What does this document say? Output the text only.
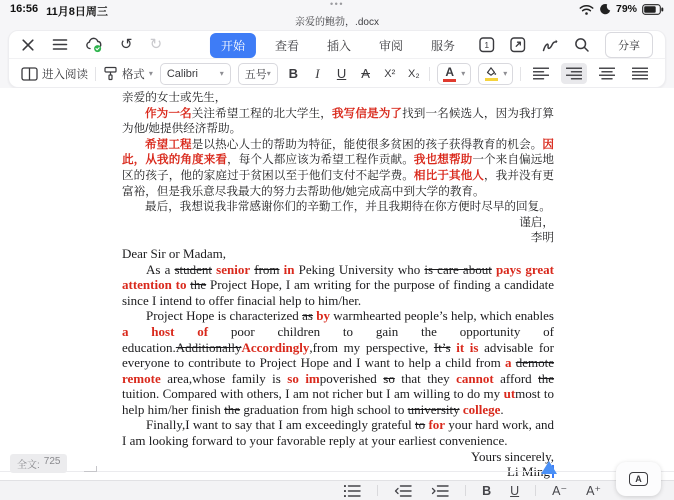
16:56 11月8日周三
•••
亲爱的鲍勃，.docx
79%
↺ ↻	开始	查看	插入	审阅	服务	1	分享
进入阅读	格式 ▾ Calibri	▾ 五号 ▾ B	I	U	A	X² X₂ A ▾	▾

亲爱的女士或先生，

作为一名关注希望工程的北大学生，我写信是为了找到一名候选人，因为我打算为他/她提供经济帮助。

希望工程是以热心人士的帮助为特征，能使很多贫困的孩子获得教育的机会。因此，从我的角度来看，每个人都应该为希望工程作贡献。我也想帮助一个来自偏远地区的孩子，他的家庭过于贫困以至于他们支付不起学费。相比于其他人，我并没有更富裕，但是我乐意尽我最大的努力去帮助他/她完成高中到大学的教育。

最后，我想说我非常感谢你们的辛勤工作，并且我期待在你方便时尽早的回复。

谨启，

李明

Dear Sir or Madam,

As a student senior from in Peking University who is care about pays great attention to the Project Hope, I am writing for the purpose of finding a candidate since I intend to offer finacial help to him/her.

Project Hope is characterized as by warmhearted people’s help, which enables a host of poor children to gain the opportunity of education.AdditionallyAccordingly,from my perspective, It’s it is advisable for everyone to contribute to Project Hope and I want to help a child from a demote remote area,whose family is so impoverished so that they cannot afford the tuition. Compared with others, I am not richer but I am willing to do my utmost to help him/her finish the graduation from high school to university college.

Finally,I want to say that I am exceedingly grateful to for your hard work, and I am looking forward to your favorable reply at your earliest convenience.

Yours sincerely,

Li Ming

全文: 725
B U	A⁻ A⁺
A
